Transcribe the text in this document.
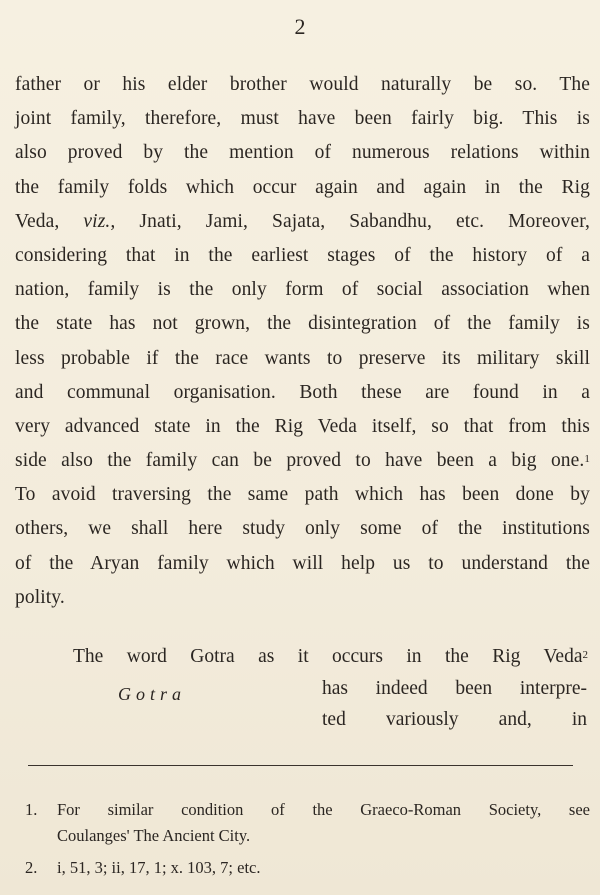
2
father or his elder brother would naturally be so. The
joint family, therefore, must have been fairly big. This is
also proved by the mention of numerous relations within
the family folds which occur again and again in the Rig
Veda, viz., Jnati, Jami, Sajata, Sabandhu, etc. Moreover,
considering that in the earliest stages of the history of a
nation, family is the only form of social association when
the state has not grown, the disintegration of the family is
less probable if the race wants to preserve its military skill
and communal organisation. Both these are found in a
very advanced state in the Rig Veda itself, so that from this
side also the family can be proved to have been a big one.$^1$
To avoid traversing the same path which has been done by
others, we shall here study only some of the institutions
of the Aryan family which will help us to understand the
polity.
The word Gotra as it occurs in the Rig Veda$^2$
Gotra	has indeed been interpre-
ted variously and, in
1. For similar condition of the Graeco-Roman Society, see
Coulanges' The Ancient City.
2. i, 51, 3; ii, 17, 1; x. 103, 7; etc.
